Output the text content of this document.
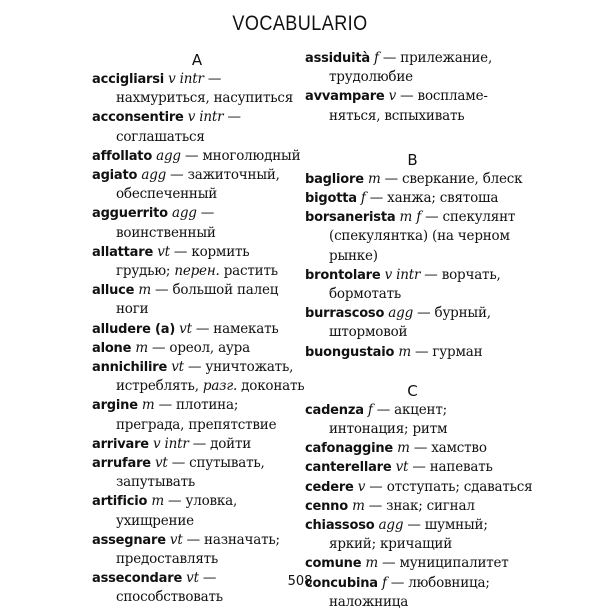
VOCABULARIO
A
accigliarsi v intr —
нахмуриться, насупиться
acconsentire v intr —
соглашаться
affollato agg — многолюдный
agiato agg — зажиточный,
обеспеченный
agguerrito agg —
воинственный
allattare vt — кормить
грудью; перен. растить
alluce m — большой палец
ноги
alludere (a) vt — намекать
alone m — ореол, аура
annichilire vt — уничтожать,
истреблять, разг. доконать
argine m — плотина;
преграда, препятствие
arrivare v intr — дойти
arrufare vt — спутывать,
запутывать
artificio m — уловка,
ухищрение
assegnare vt — назначать;
предоставлять
assecondare vt —
способствовать
assiduità f — прилежание,
трудолюбие
avvampare v — воспламе-
няться, вспыхивать
B
bagliore m — сверкание, блеск
bigotta f — ханжа; святоша
borsanerista m f — спекулянт
(спекулянтка) (на черном
рынке)
brontolare v intr — ворчать,
бормотать
burrascoso agg — бурный,
штормовой
buongustaio m — гурман
C
cadenza f — акцент;
интонация; ритм
cafonaggine m — хамство
canterellare vt — напевать
cedere v — отступать; сдаваться
cenno m — знак; сигнал
chiassoso agg — шумный;
яркий; кричащий
comune m — муниципалитет
concubina f — любовница;
наложница
508
